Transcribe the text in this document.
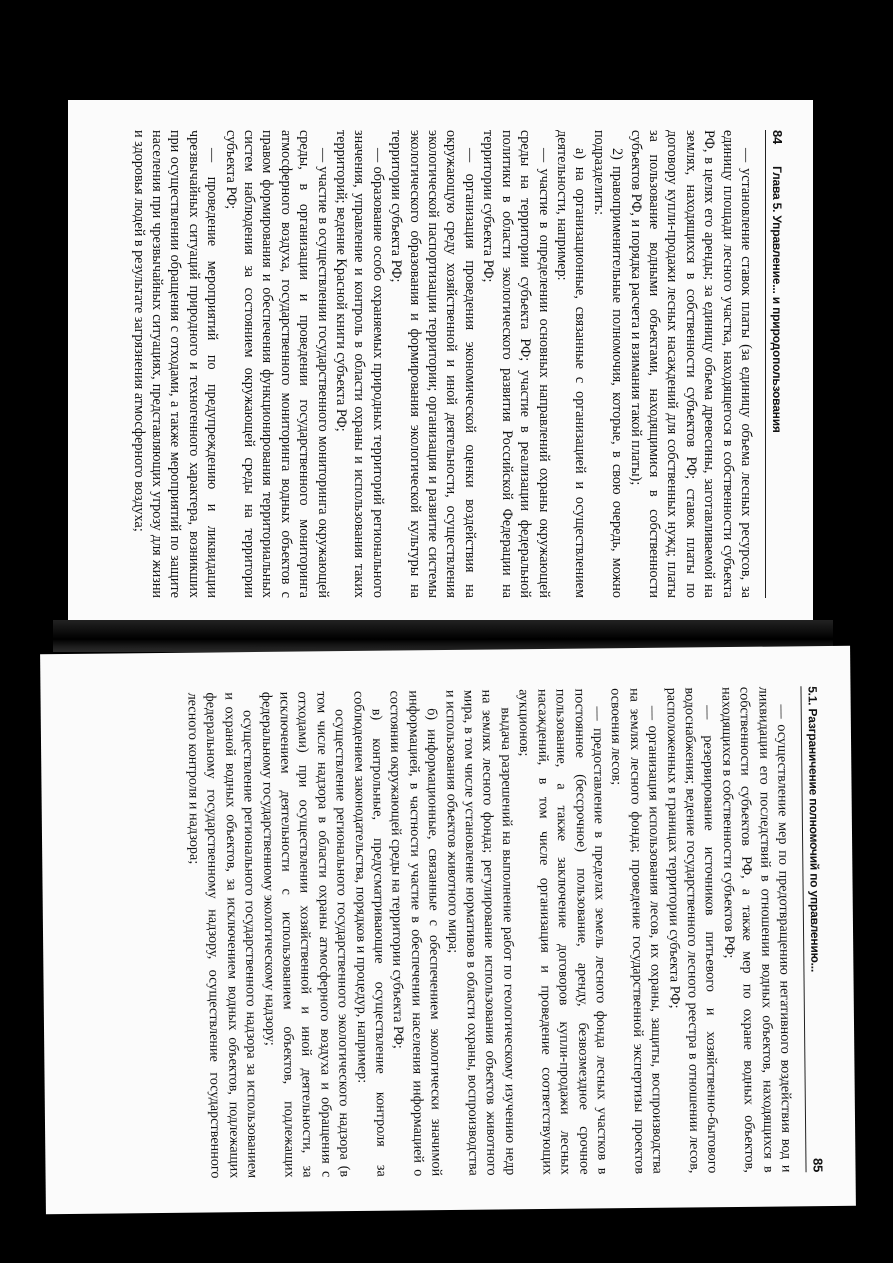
84
Глава 5. Управление... и природопользования

— установление ставок платы (за единицу объема лесных ресурсов, за единицу площади лесного участка, находящегося в собственности субъекта РФ, в целях его аренды; за единицу объема древесины, заготавливаемой на землях, находящихся в собственности субъектов РФ; ставок платы по договору купли-продажи лесных насаждений для собственных нужд; платы за пользование водными объектами, находящимися в собственности субъектов РФ, и порядка расчета и взимания такой платы);

2) правоприменительные полномочия, которые, в свою очередь, можно подразделить:

а) на организационные, связанные с организацией и осуществлением деятельности, например:

— участие в определении основных направлений охраны окружающей среды на территории субъекта РФ; участие в реализации федеральной политики в области экологического развития Российской Федерации на территории субъекта РФ;

— организация проведения экономической оценки воздействия на окружающую среду хозяйственной и иной деятельности, осуществления экологической паспортизации территории; организация и развитие системы экологического образования и формирования экологической культуры на территории субъекта РФ;

— образование особо охраняемых природных территорий регионального значения, управление и контроль в области охраны и использования таких территорий; ведение Красной книги субъекта РФ;

— участие в осуществлении государственного мониторинга окружающей среды, в организации и проведении государственного мониторинга атмосферного воздуха, государственного мониторинга водных объектов с правом формирования и обеспечения функционирования территориальных систем наблюдения за состоянием окружающей среды на территории субъекта РФ;

— проведение мероприятий по предупреждению и ликвидации чрезвычайных ситуаций природного и техногенного характера, возникших при осуществлении обращения с отходами, а также мероприятий по защите населения при чрезвычайных ситуациях, представляющих угрозу для жизни и здоровья людей в результате загрязнения атмосферного воздуха;

5.1. Разграничение полномочий по управлению...
85

— осуществление мер по предотвращению негативного воздействия вод и ликвидации его последствий в отношении водных объектов, находящихся в собственности субъектов РФ, а также мер по охране водных объектов, находящихся в собственности субъектов РФ;

— резервирование источников питьевого и хозяйственно-бытового водоснабжения; ведение государственного лесного реестра в отношении лесов, расположенных в границах территории субъекта РФ;

— организация использования лесов, их охраны, защиты, воспроизводства на землях лесного фонда; проведение государственной экспертизы проектов освоения лесов;

— предоставление в пределах земель лесного фонда лесных участков в постоянное (бессрочное) пользование, аренду, безвозмездное срочное пользование, а также заключение договоров купли-продажи лесных насаждений, в том числе организация и проведение соответствующих аукционов;

выдача разрешений на выполнение работ по геологическому изучению недр на землях лесного фонда; регулирование использования объектов животного мира, в том числе установление нормативов в области охраны, воспроизводства и использования объектов животного мира;

б) информационные, связанные с обеспечением экологически значимой информацией, в частности участие в обеспечении населения информацией о состоянии окружающей среды на территории субъекта РФ;

в) контрольные, предусматривающие осуществление контроля за соблюдением законодательства, порядков и процедур, например:

осуществление регионального государственного экологического надзора (в том числе надзора в области охраны атмосферного воздуха и обращения с отходами) при осуществлении хозяйственной и иной деятельности, за исключением деятельности с использованием объектов, подлежащих федеральному государственному экологическому надзору;

осуществление регионального государственного надзора за использованием и охраной водных объектов, за исключением водных объектов, подлежащих федеральному государственному надзору, осуществление государственного лесного контроля и надзора;
